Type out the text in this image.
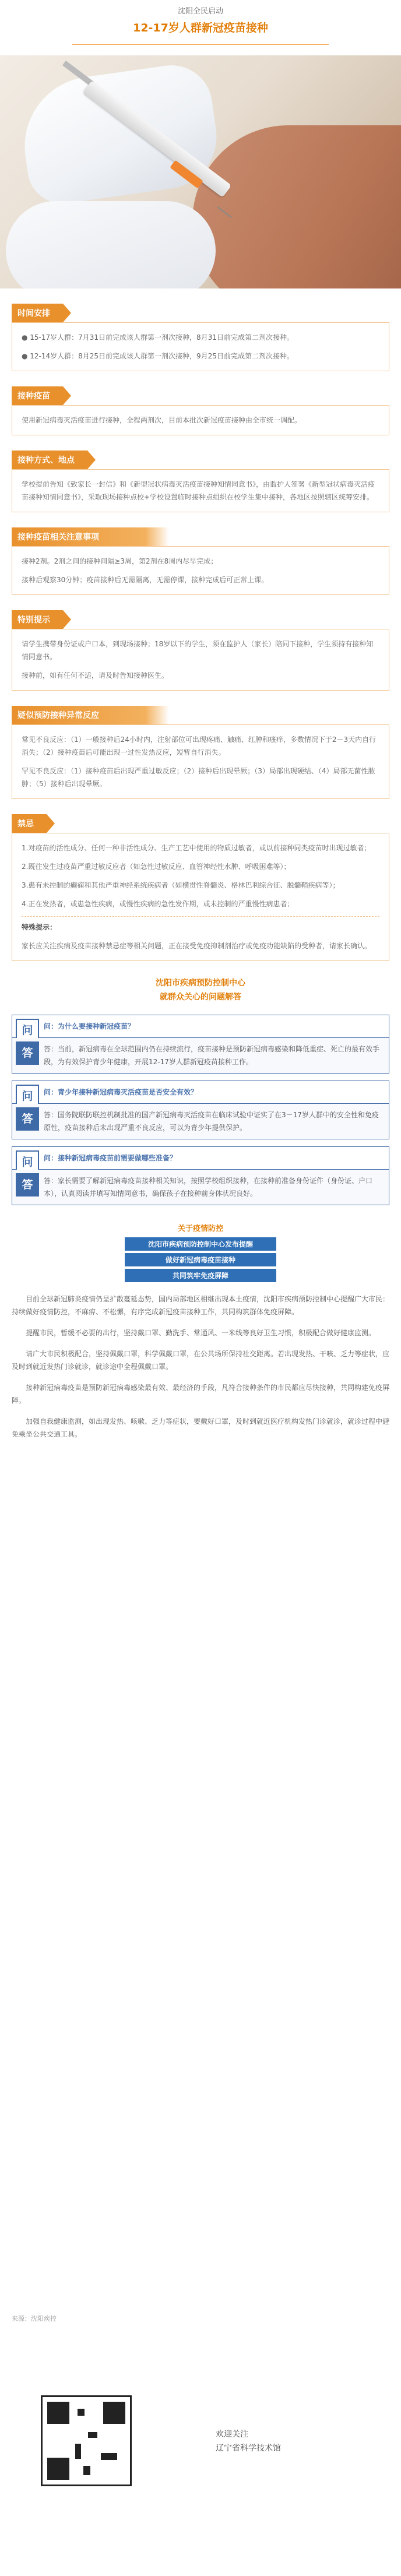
沈阳全民启动
12-17岁人群新冠疫苗接种
时间安排

● 15-17岁人群：7月31日前完成该人群第一剂次接种，8月31日前完成第二剂次接种。

● 12-14岁人群：8月25日前完成该人群第一剂次接种，9月25日前完成第二剂次接种。

接种疫苗

使用新冠病毒灭活疫苗进行接种，全程两剂次，目前本批次新冠疫苗接种由全市统一调配。

接种方式、地点

学校提前告知《致家长一封信》和《新型冠状病毒灭活疫苗接种知情同意书》，由监护人签署《新型冠状病毒灭活疫苗接种知情同意书》，采取现场接种点校+学校设置临时接种点组织在校学生集中接种，各地区按照辖区统筹安排。

接种疫苗相关注意事项

接种2剂。2剂之间的接种间隔≥3周，第2剂在8周内尽早完成；

接种后观察30分钟；疫苗接种后无需隔离，无需停课，接种完成后可正常上课。

特别提示

请学生携带身份证或户口本，到现场接种；18岁以下的学生，须在监护人（家长）陪同下接种，学生须持有接种知情同意书。

接种前，如有任何不适，请及时告知接种医生。

疑似预防接种异常反应

常见不良反应：（1）一般接种后24小时内，注射部位可出现疼痛、触痛、红肿和瘙痒，多数情况下于2－3天内自行消失；（2）接种疫苗后可能出现一过性发热反应，短暂自行消失。

罕见不良反应：（1）接种疫苗后出现严重过敏反应；（2）接种后出现晕厥；（3）局部出现硬结、（4）局部无菌性脓肿；（5）接种后出现晕厥。

禁忌

1.对疫苗的活性成分、任何一种非活性成分、生产工艺中使用的物质过敏者，或以前接种同类疫苗时出现过敏者；

2.既往发生过疫苗严重过敏反应者（如急性过敏反应、血管神经性水肿、呼吸困难等）；

3.患有未控制的癫痫和其他严重神经系统疾病者（如横贯性脊髓炎、格林巴利综合征、脱髓鞘疾病等）；

4.正在发热者，或患急性疾病，或慢性疾病的急性发作期，或未控制的严重慢性病患者；

特殊提示：

家长应关注疾病及疫苗接种禁忌症等相关问题，正在接受免疫抑制剂治疗或免疫功能缺陷的受种者，请家长确认。

沈阳市疾病预防控制中心
就群众关心的问题解答
问	问：为什么要接种新冠疫苗？
答	答：当前，新冠病毒在全球范围内仍在持续流行，疫苗接种是预防新冠病毒感染和降低重症、死亡的最有效手段，为有效保护青少年健康，开展12-17岁人群新冠疫苗接种工作。
问	问：青少年接种新冠病毒灭活疫苗是否安全有效？
答	答：国务院联防联控机制批准的国产新冠病毒灭活疫苗在临床试验中证实了在3－17岁人群中的安全性和免疫原性，疫苗接种后未出现严重不良反应，可以为青少年提供保护。
问	问：接种新冠病毒疫苗前需要做哪些准备？
答	答：家长需要了解新冠病毒疫苗接种相关知识，按照学校组织接种，在接种前准备身份证件（身份证、户口本），认真阅读并填写知情同意书，确保孩子在接种前身体状况良好。
关于疫情防控
沈阳市疾病预防控制中心发布提醒
做好新冠病毒疫苗接种
共同筑牢免疫屏障

目前全球新冠肺炎疫情仍呈扩散蔓延态势，国内局部地区相继出现本土疫情，沈阳市疾病预防控制中心提醒广大市民：持续做好疫情防控，不麻痹、不松懈，有序完成新冠疫苗接种工作，共同构筑群体免疫屏障。

提醒市民，暂缓不必要的出行，坚持戴口罩、勤洗手、常通风、一米线等良好卫生习惯，积极配合做好健康监测。

请广大市民积极配合，坚持佩戴口罩，科学佩戴口罩，在公共场所保持社交距离。若出现发热、干咳、乏力等症状，应及时到就近发热门诊就诊，就诊途中全程佩戴口罩。

接种新冠病毒疫苗是预防新冠病毒感染最有效、最经济的手段，凡符合接种条件的市民都应尽快接种，共同构建免疫屏障。

加强自我健康监测，如出现发热、咳嗽、乏力等症状，要戴好口罩，及时到就近医疗机构发热门诊就诊，就诊过程中避免乘坐公共交通工具。

来源：沈阳疾控
欢迎关注
辽宁省科学技术馆
